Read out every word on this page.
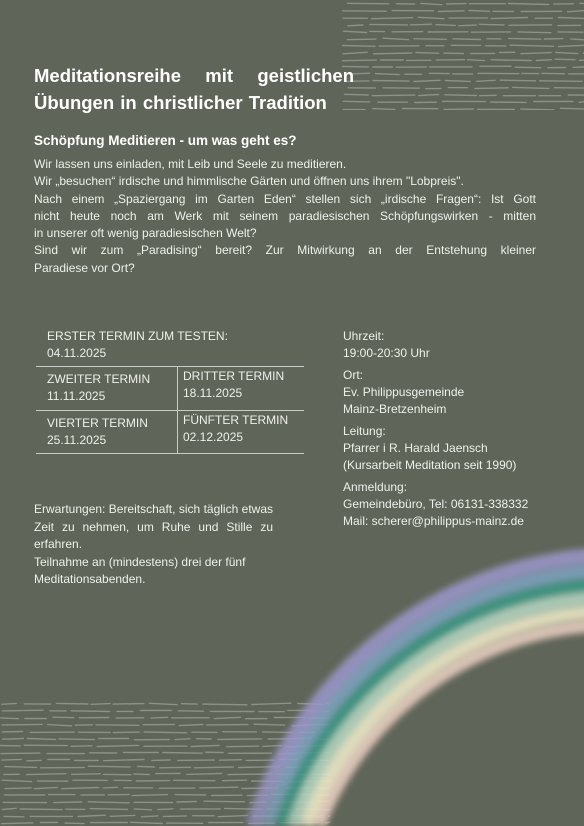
Meditationsreihe mit geistlichen
Übungen in christlicher Tradition
Schöpfung Meditieren - um was geht es?

Wir lassen uns einladen, mit Leib und Seele zu meditieren.

Wir „besuchen“ irdische und himmlische Gärten und öffnen uns ihrem "Lobpreis".

Nach einem „Spaziergang im Garten Eden“ stellen sich „irdische Fragen“: Ist Gott

nicht heute noch am Werk mit seinem paradiesischen Schöpfungswirken - mitten

in unserer oft wenig paradiesischen Welt?

Sind wir zum „Paradising“ bereit? Zur Mitwirkung an der Entstehung kleiner

Paradiese vor Ort?

ERSTER TERMIN ZUM TESTEN:
04.11.2025
ZWEITER TERMIN
11.11.2025
DRITTER TERMIN
18.11.2025
VIERTER TERMIN
25.11.2025
FÜNFTER TERMIN
02.12.2025
Uhrzeit:
19:00-20:30 Uhr
Ort:
Ev. Philippusgemeinde
Mainz-Bretzenheim
Leitung:
Pfarrer i R. Harald Jaensch
(Kursarbeit Meditation seit 1990)
Anmeldung:
Gemeindebüro, Tel: 06131-338332
Mail: scherer@philippus-mainz.de

Erwartungen: Bereitschaft, sich täglich etwas Zeit zu nehmen, um Ruhe und Stille zu erfahren.

Teilnahme an (mindestens) drei der fünf Meditationsabenden.
